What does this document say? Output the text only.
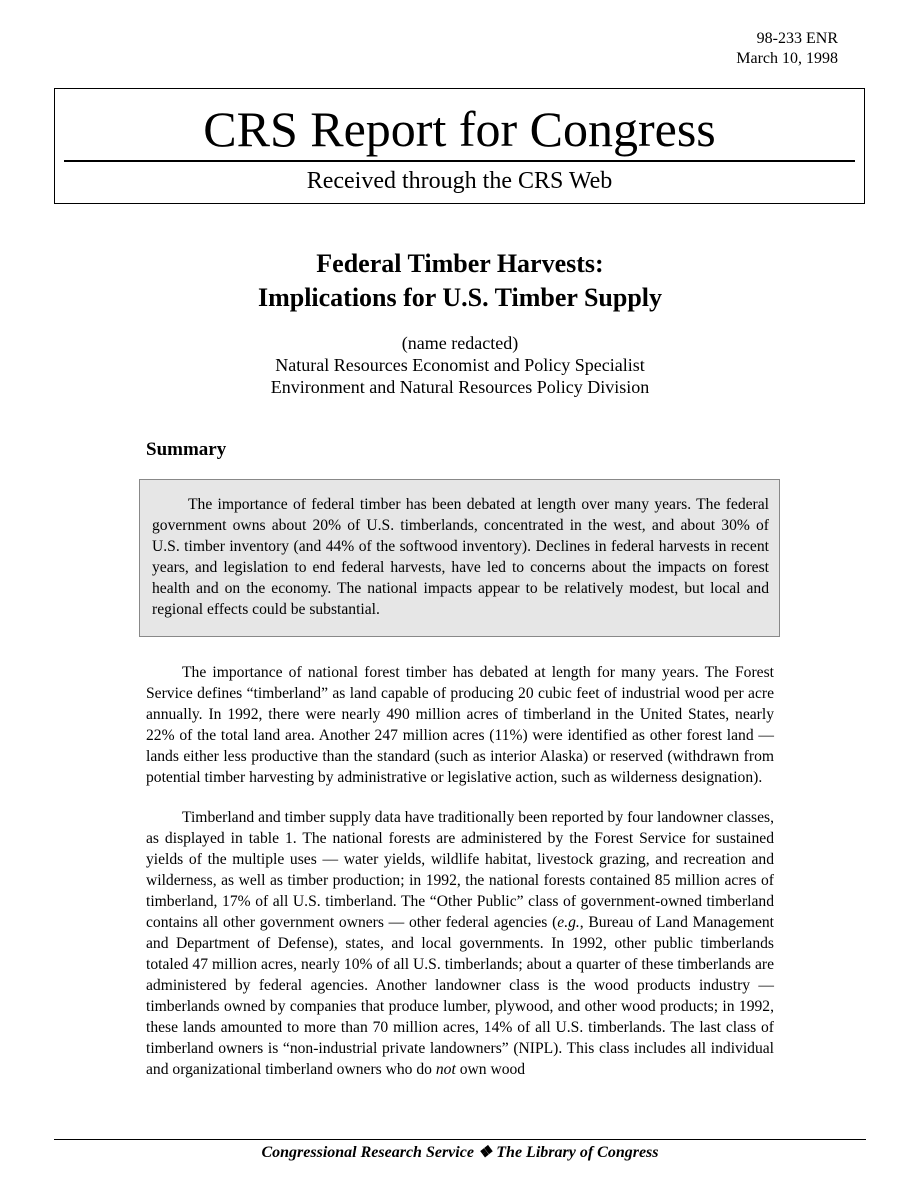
98-233 ENR
March 10, 1998
CRS Report for Congress
Received through the CRS Web
Federal Timber Harvests:
Implications for U.S. Timber Supply
(name redacted)
Natural Resources Economist and Policy Specialist
Environment and Natural Resources Policy Division
Summary

The importance of federal timber has been debated at length over many years. The federal government owns about 20% of U.S. timberlands, concentrated in the west, and about 30% of U.S. timber inventory (and 44% of the softwood inventory). Declines in federal harvests in recent years, and legislation to end federal harvests, have led to concerns about the impacts on forest health and on the economy. The national impacts appear to be relatively modest, but local and regional effects could be substantial.

The importance of national forest timber has debated at length for many years. The Forest Service defines “timberland” as land capable of producing 20 cubic feet of industrial wood per acre annually. In 1992, there were nearly 490 million acres of timberland in the United States, nearly 22% of the total land area. Another 247 million acres (11%) were identified as other forest land — lands either less productive than the standard (such as interior Alaska) or reserved (withdrawn from potential timber harvesting by administrative or legislative action, such as wilderness designation).

Timberland and timber supply data have traditionally been reported by four landowner classes, as displayed in table 1. The national forests are administered by the Forest Service for sustained yields of the multiple uses — water yields, wildlife habitat, livestock grazing, and recreation and wilderness, as well as timber production; in 1992, the national forests contained 85 million acres of timberland, 17% of all U.S. timberland. The “Other Public” class of government-owned timberland contains all other government owners — other federal agencies (e.g., Bureau of Land Management and Department of Defense), states, and local governments. In 1992, other public timberlands totaled 47 million acres, nearly 10% of all U.S. timberlands; about a quarter of these timberlands are administered by federal agencies. Another landowner class is the wood products industry — timberlands owned by companies that produce lumber, plywood, and other wood products; in 1992, these lands amounted to more than 70 million acres, 14% of all U.S. timberlands. The last class of timberland owners is “non-industrial private landowners” (NIPL). This class includes all individual and organizational timberland owners who do not own wood

Congressional Research Service ❖ The Library of Congress
